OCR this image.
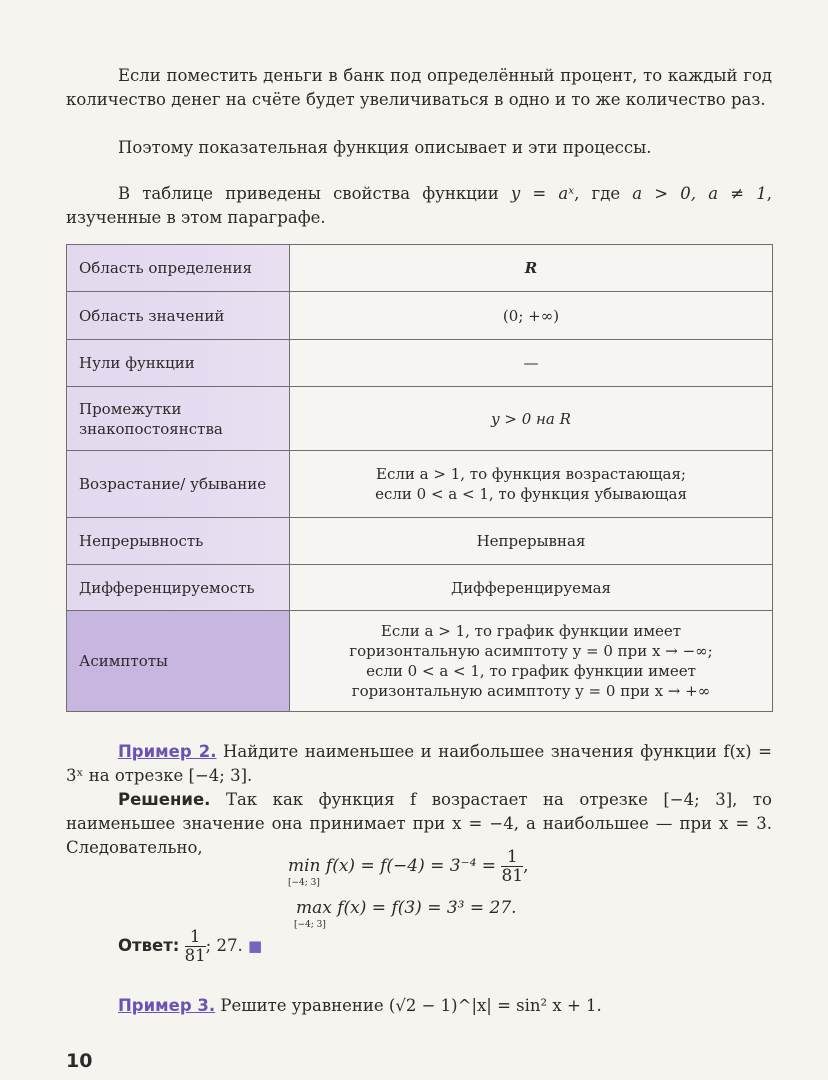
Если поместить деньги в банк под определённый процент, то каждый год количество денег на счёте будет увеличиваться в одно и то же количество раз.

Поэтому показательная функция описывает и эти процессы.

В таблице приведены свойства функции y = aˣ, где a > 0, a ≠ 1, изученные в этом параграфе.

Область определения	R
Область значений	(0; +∞)
Нули функции	—
Промежутки знакопостоянства	y > 0 на R
Возрастание/ убывание	Если a > 1, то функция возрастающая;
если 0 < a < 1, то функция убывающая

Непрерывность	Непрерывная
Дифференцируемость	Дифференцируемая
Асимптоты	Если a > 1, то график функции имеет
горизонтальную асимптоту y = 0 при x → −∞;
если 0 < a < 1, то график функции имеет
горизонтальную асимптоту y = 0 при x → +∞

Пример 2. Найдите наименьшее и наибольшее значения функции f(x) = 3ˣ на отрезке [−4; 3].

Решение. Так как функция f возрастает на отрезке [−4; 3], то наименьшее значение она принимает при x = −4, а наибольшее — при x = 3. Следовательно,

$\min f(x) = f(-4) = 3^{-4} = \frac{1}{81}$ ,
[−4; 3]
max f(x) = f(3) = 3³ = 27.
[−4; 3]
Ответ: $\frac{1}{81}$ ; 27. ■

Пример 3. Решите уравнение (√2 − 1)^|x| = sin² x + 1.

10
